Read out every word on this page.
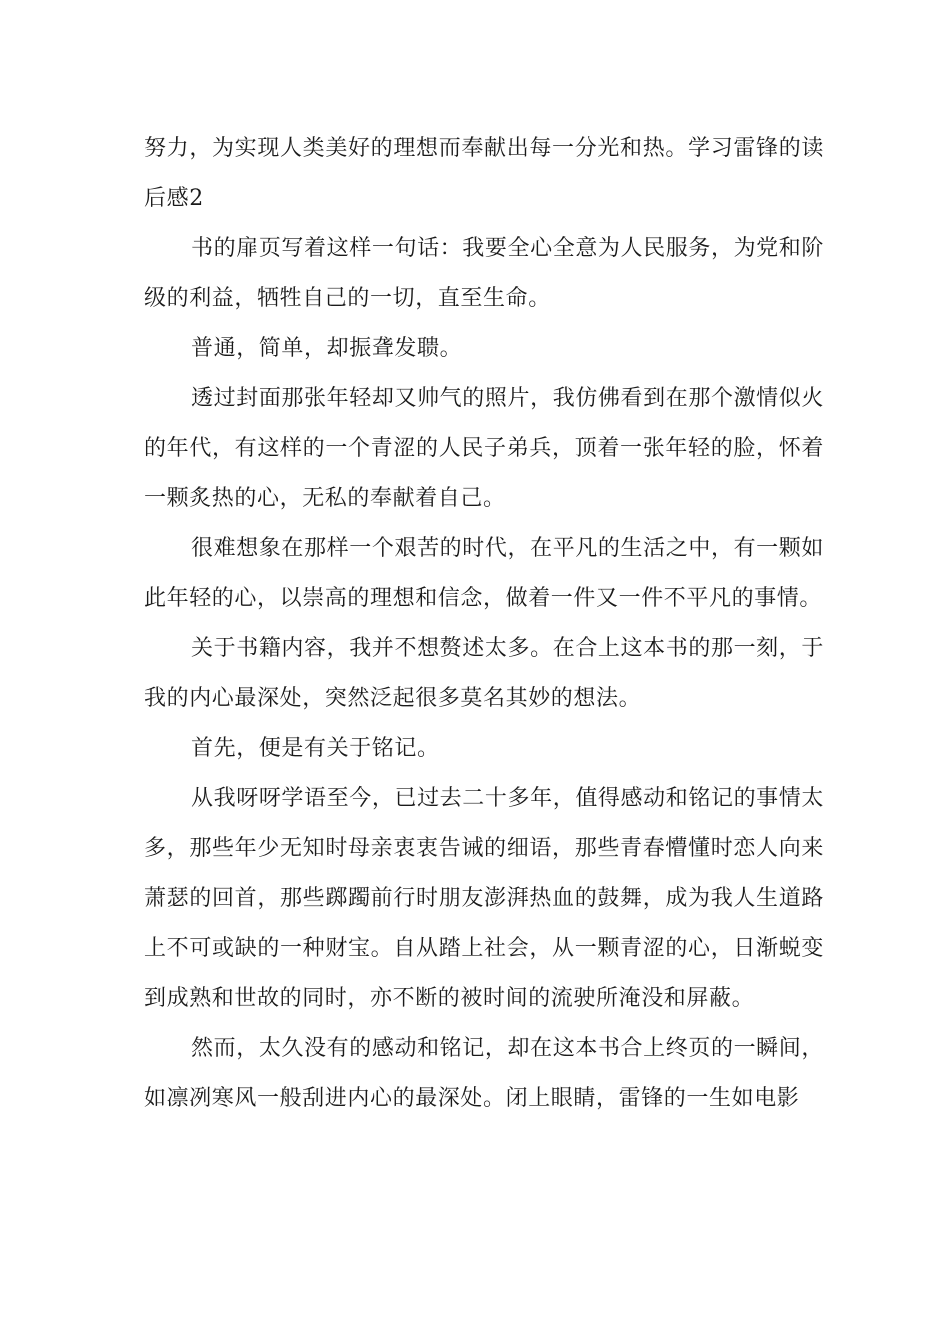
努力，为实现人类美好的理想而奉献出每一分光和热。学习雷锋的读后感2

书的扉页写着这样一句话：我要全心全意为人民服务，为党和阶级的利益，牺牲自己的一切，直至生命。

普通，简单，却振聋发聩。

透过封面那张年轻却又帅气的照片，我仿佛看到在那个激情似火的年代，有这样的一个青涩的人民子弟兵，顶着一张年轻的脸，怀着一颗炙热的心，无私的奉献着自己。

很难想象在那样一个艰苦的时代，在平凡的生活之中，有一颗如此年轻的心，以崇高的理想和信念，做着一件又一件不平凡的事情。

关于书籍内容，我并不想赘述太多。在合上这本书的那一刻，于我的内心最深处，突然泛起很多莫名其妙的想法。

首先，便是有关于铭记。

从我呀呀学语至今，已过去二十多年，值得感动和铭记的事情太多，那些年少无知时母亲衷衷告诫的细语，那些青春懵懂时恋人向来萧瑟的回首，那些踯躅前行时朋友澎湃热血的鼓舞，成为我人生道路上不可或缺的一种财宝。自从踏上社会，从一颗青涩的心，日渐蜕变到成熟和世故的同时，亦不断的被时间的流驶所淹没和屏蔽。

然而，太久没有的感动和铭记，却在这本书合上终页的一瞬间，如凛冽寒风一般刮进内心的最深处。闭上眼睛，雷锋的一生如电影
